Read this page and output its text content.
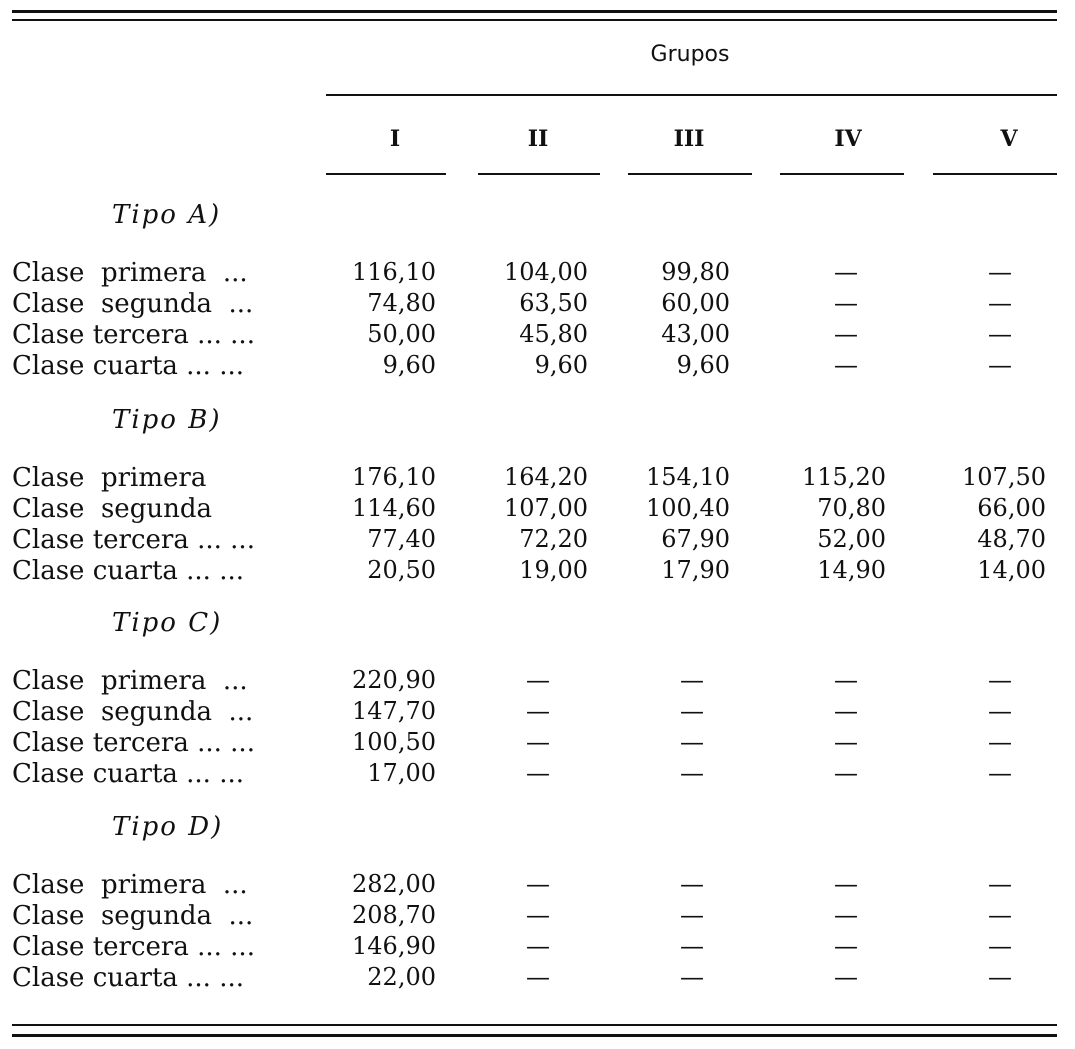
Grupos
I	II	III	IV	V
Tipo A)
Clase  primera  ...	116,10	104,00	99,80	—	—
Clase  segunda  ...	74,80	63,50	60,00	—	—
Clase tercera ... ...	50,00	45,80	43,00	—	—
Clase cuarta ... ...	9,60	9,60	9,60	—	—
Tipo B)
Clase  primera	176,10	164,20	154,10	115,20	107,50
Clase  segunda	114,60	107,00	100,40	70,80	66,00
Clase tercera ... ...	77,40	72,20	67,90	52,00	48,70
Clase cuarta ... ...	20,50	19,00	17,90	14,90	14,00
Tipo C)
Clase  primera  ...	220,90	—	—	—	—
Clase  segunda  ...	147,70	—	—	—	—
Clase tercera ... ...	100,50	—	—	—	—
Clase cuarta ... ...	17,00	—	—	—	—
Tipo D)
Clase  primera  ...	282,00	—	—	—	—
Clase  segunda  ...	208,70	—	—	—	—
Clase tercera ... ...	146,90	—	—	—	—
Clase cuarta ... ...	22,00	—	—	—	—
